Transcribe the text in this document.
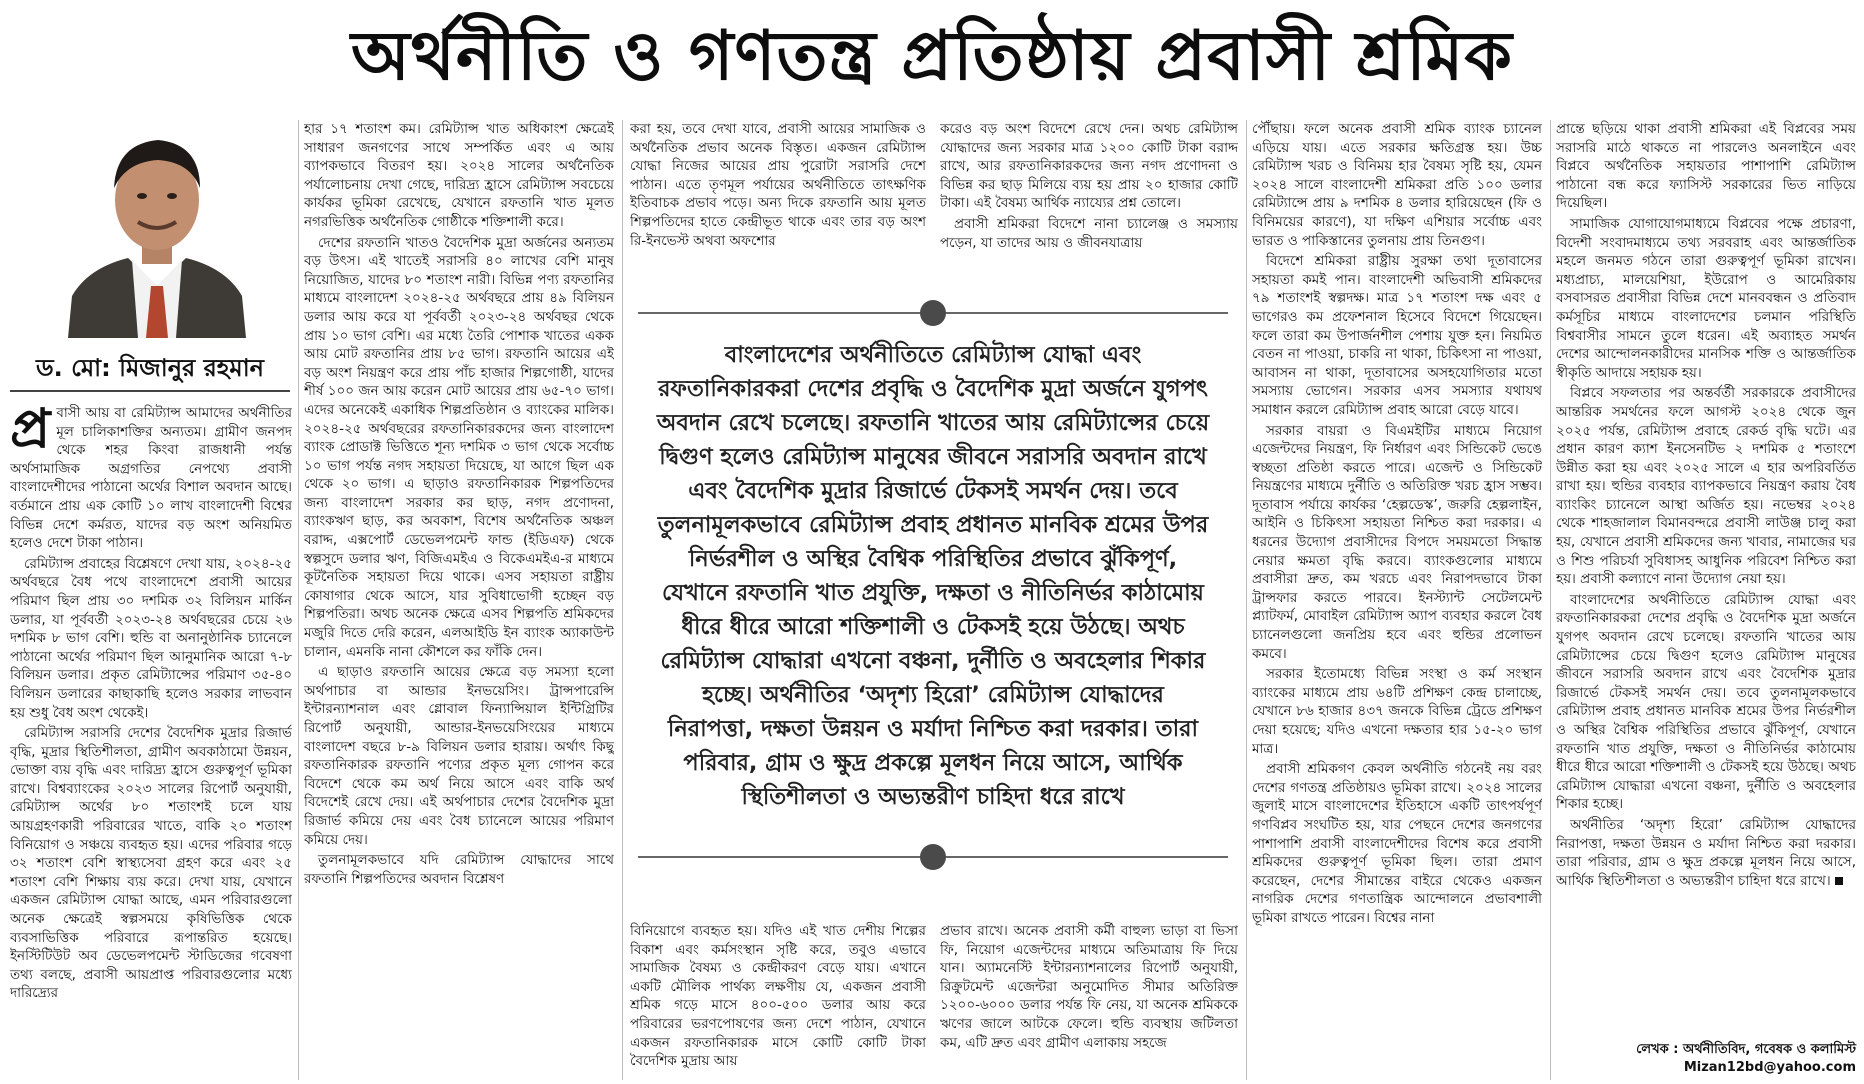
অর্থনীতি ও গণতন্ত্র প্রতিষ্ঠায় প্রবাসী শ্রমিক
ড. মো: মিজানুর রহমান

প্র বাসী আয় বা রেমিট্যান্স আমাদের অর্থনীতির মূল চালিকাশক্তির অন্যতম। গ্রামীণ জনপদ থেকে শহর কিংবা রাজধানী পর্যন্ত অর্থসামাজিক অগ্রগতির নেপথ্যে প্রবাসী বাংলাদেশীদের পাঠানো অর্থের বিশাল অবদান আছে। বর্তমানে প্রায় এক কোটি ১০ লাখ বাংলাদেশী বিশ্বের বিভিন্ন দেশে কর্মরত, যাদের বড় অংশ অনিয়মিত হলেও দেশে টাকা পাঠান।

রেমিট্যান্স প্রবাহের বিশ্লেষণে দেখা যায়, ২০২৪-২৫ অর্থবছরে বৈধ পথে বাংলাদেশে প্রবাসী আয়ের পরিমাণ ছিল প্রায় ৩০ দশমিক ৩২ বিলিয়ন মার্কিন ডলার, যা পূর্ববর্তী ২০২৩-২৪ অর্থবছরের চেয়ে ২৬ দশমিক ৮ ভাগ বেশি। হুন্ডি বা অনানুষ্ঠানিক চ্যানেলে পাঠানো অর্থের পরিমাণ ছিল আনুমানিক আরো ৭-৮ বিলিয়ন ডলার। প্রকৃত রেমিট্যান্সের পরিমাণ ৩৫-৪০ বিলিয়ন ডলারের কাছাকাছি হলেও সরকার লাভবান হয় শুধু বৈধ অংশ থেকেই।

রেমিট্যান্স সরাসরি দেশের বৈদেশিক মুদ্রার রিজার্ভ বৃদ্ধি, মুদ্রার স্থিতিশীলতা, গ্রামীণ অবকাঠামো উন্নয়ন, ভোক্তা ব্যয় বৃদ্ধি এবং দারিদ্র্য হ্রাসে গুরুত্বপূর্ণ ভূমিকা রাখে। বিশ্বব্যাংকের ২০২৩ সালের রিপোর্ট অনুযায়ী, রেমিট্যান্স অর্থের ৮০ শতাংশই চলে যায় আয়গ্রহণকারী পরিবারের খাতে, বাকি ২০ শতাংশ বিনিয়োগ ও সঞ্চয়ে ব্যবহৃত হয়। এদের পরিবার গড়ে ৩২ শতাংশ বেশি স্বাস্থ্যসেবা গ্রহণ করে এবং ২৫ শতাংশ বেশি শিক্ষায় ব্যয় করে। দেখা যায়, যেখানে একজন রেমিট্যান্স যোদ্ধা আছে, এমন পরিবারগুলো অনেক ক্ষেত্রেই স্বল্পসময়ে কৃষিভিত্তিক থেকে ব্যবসাভিত্তিক পরিবারে রূপান্তরিত হয়েছে। ইনস্টিটিউট অব ডেভেলপমেন্ট স্টাডিজের গবেষণা তথ্য বলছে, প্রবাসী আয়প্রাপ্ত পরিবারগুলোর মধ্যে দারিদ্র্যের

হার ১৭ শতাংশ কম। রেমিট্যান্স খাত অধিকাংশ ক্ষেত্রেই সাধারণ জনগণের সাথে সম্পর্কিত এবং এ আয় ব্যাপকভাবে বিতরণ হয়। ২০২৪ সালের অর্থনৈতিক পর্যালোচনায় দেখা গেছে, দারিদ্র্য হ্রাসে রেমিট্যান্স সবচেয়ে কার্যকর ভূমিকা রেখেছে, যেখানে রফতানি খাত মূলত নগরভিত্তিক অর্থনৈতিক গোষ্ঠীকে শক্তিশালী করে।

দেশের রফতানি খাতও বৈদেশিক মুদ্রা অর্জনের অন্যতম বড় উৎস। এই খাতেই সরাসরি ৪০ লাখের বেশি মানুষ নিয়োজিত, যাদের ৮০ শতাংশ নারী। বিভিন্ন পণ্য রফতানির মাধ্যমে বাংলাদেশ ২০২৪-২৫ অর্থবছরে প্রায় ৪৯ বিলিয়ন ডলার আয় করে যা পূর্ববর্তী ২০২৩-২৪ অর্থবছর থেকে প্রায় ১০ ভাগ বেশি। এর মধ্যে তৈরি পোশাক খাতের একক আয় মোট রফতানির প্রায় ৮৫ ভাগ। রফতানি আয়ের এই বড় অংশ নিয়ন্ত্রণ করে প্রায় পাঁচ হাজার শিল্পগোষ্ঠী, যাদের শীর্ষ ১০০ জন আয় করেন মোট আয়ের প্রায় ৬৫-৭০ ভাগ। এদের অনেকেই একাধিক শিল্পপ্রতিষ্ঠান ও ব্যাংকের মালিক। ২০২৪-২৫ অর্থবছরের রফতানিকারকদের জন্য বাংলাদেশ ব্যাংক প্রোডাক্ট ভিত্তিতে শূন্য দশমিক ৩ ভাগ থেকে সর্বোচ্চ ১০ ভাগ পর্যন্ত নগদ সহায়তা দিয়েছে, যা আগে ছিল এক থেকে ২০ ভাগ। এ ছাড়াও রফতানিকারক শিল্পপতিদের জন্য বাংলাদেশ সরকার কর ছাড়, নগদ প্রণোদনা, ব্যাংকঋণ ছাড়, কর অবকাশ, বিশেষ অর্থনৈতিক অঞ্চল বরাদ্দ, এক্সপোর্ট ডেভেলপমেন্ট ফান্ড (ইডিএফ) থেকে স্বল্পসুদে ডলার ঋণ, বিজিএমইএ ও বিকেএমইএ-র মাধ্যমে কূটনৈতিক সহায়তা দিয়ে থাকে। এসব সহায়তা রাষ্ট্রীয় কোষাগার থেকে আসে, যার সুবিধাভোগী হচ্ছেন বড় শিল্পপতিরা। অথচ অনেক ক্ষেত্রে এসব শিল্পপতি শ্রমিকদের মজুরি দিতে দেরি করেন, এলআইডি ইন ব্যাংক অ্যাকাউন্ট চালান, এমনকি নানা কৌশলে কর ফাঁকি দেন।

এ ছাড়াও রফতানি আয়ের ক্ষেত্রে বড় সমস্যা হলো অর্থপাচার বা আন্ডার ইনভয়েসিং। ট্রান্সপারেন্সি ইন্টারন্যাশনাল এবং গ্লোবাল ফিন্যান্সিয়াল ইন্টিগ্রিটির রিপোর্ট অনুযায়ী, আন্ডার-ইনভয়েসিংয়ের মাধ্যমে বাংলাদেশ বছরে ৮-৯ বিলিয়ন ডলার হারায়। অর্থাৎ কিছু রফতানিকারক রফতানি পণ্যের প্রকৃত মূল্য গোপন করে বিদেশে থেকে কম অর্থ নিয়ে আসে এবং বাকি অর্থ বিদেশেই রেখে দেয়। এই অর্থপাচার দেশের বৈদেশিক মুদ্রা রিজার্ভ কমিয়ে দেয় এবং বৈধ চ্যানেলে আয়ের পরিমাণ কমিয়ে দেয়।

তুলনামূলকভাবে যদি রেমিট্যান্স যোদ্ধাদের সাথে রফতানি শিল্পপতিদের অবদান বিশ্লেষণ

করা হয়, তবে দেখা যাবে, প্রবাসী আয়ের সামাজিক ও অর্থনৈতিক প্রভাব অনেক বিস্তৃত। একজন রেমিট্যান্স যোদ্ধা নিজের আয়ের প্রায় পুরোটা সরাসরি দেশে পাঠান। এতে তৃণমূল পর্যায়ের অর্থনীতিতে তাৎক্ষণিক ইতিবাচক প্রভাব পড়ে। অন্য দিকে রফতানি আয় মূলত শিল্পপতিদের হাতে কেন্দ্রীভূত থাকে এবং তার বড় অংশ রি-ইনভেস্ট অথবা অফশোর

করেও বড় অংশ বিদেশে রেখে দেন। অথচ রেমিট্যান্স যোদ্ধাদের জন্য সরকার মাত্র ১২০০ কোটি টাকা বরাদ্দ রাখে, আর রফতানিকারকদের জন্য নগদ প্রণোদনা ও বিভিন্ন কর ছাড় মিলিয়ে ব্যয় হয় প্রায় ২০ হাজার কোটি টাকা। এই বৈষম্য আর্থিক ন্যায্যের প্রশ্ন তোলে।

প্রবাসী শ্রমিকরা বিদেশে নানা চ্যালেঞ্জ ও সমস্যায় পড়েন, যা তাদের আয় ও জীবনযাত্রায়

বাংলাদেশের অর্থনীতিতে রেমিট্যান্স যোদ্ধা এবং রফতানিকারকরা দেশের প্রবৃদ্ধি ও বৈদেশিক মুদ্রা অর্জনে যুগপৎ অবদান রেখে চলেছে। রফতানি খাতের আয় রেমিট্যান্সের চেয়ে দ্বিগুণ হলেও রেমিট্যান্স মানুষের জীবনে সরাসরি অবদান রাখে এবং বৈদেশিক মুদ্রার রিজার্ভে টেকসই সমর্থন দেয়। তবে তুলনামূলকভাবে রেমিট্যান্স প্রবাহ প্রধানত মানবিক শ্রমের উপর নির্ভরশীল ও অস্থির বৈশ্বিক পরিস্থিতির প্রভাবে ঝুঁকিপূর্ণ, যেখানে রফতানি খাত প্রযুক্তি, দক্ষতা ও নীতিনির্ভর কাঠামোয় ধীরে ধীরে আরো শক্তিশালী ও টেকসই হয়ে উঠছে। অথচ রেমিট্যান্স যোদ্ধারা এখনো বঞ্চনা, দুর্নীতি ও অবহেলার শিকার হচ্ছে। অর্থনীতির ‘অদৃশ্য হিরো’ রেমিট্যান্স যোদ্ধাদের নিরাপত্তা, দক্ষতা উন্নয়ন ও মর্যাদা নিশ্চিত করা দরকার। তারা পরিবার, গ্রাম ও ক্ষুদ্র প্রকল্পে মূলধন নিয়ে আসে, আর্থিক স্থিতিশীলতা ও অভ্যন্তরীণ চাহিদা ধরে রাখে

বিনিয়োগে ব্যবহৃত হয়। যদিও এই খাত দেশীয় শিল্পের বিকাশ এবং কর্মসংস্থান সৃষ্টি করে, তবুও এভাবে সামাজিক বৈষম্য ও কেন্দ্রীকরণ বেড়ে যায়। এখানে একটি মৌলিক পার্থক্য লক্ষণীয় যে, একজন প্রবাসী শ্রমিক গড়ে মাসে ৪০০-৫০০ ডলার আয় করে পরিবারের ভরণপোষণের জন্য দেশে পাঠান, যেখানে একজন রফতানিকারক মাসে কোটি কোটি টাকা বৈদেশিক মুদ্রায় আয়

প্রভাব রাখে। অনেক প্রবাসী কর্মী বাহুল্য ভাড়া বা ভিসা ফি, নিয়োগ এজেন্টদের মাধ্যমে অতিমাত্রায় ফি দিয়ে যান। অ্যামনেস্টি ইন্টারন্যাশনালের রিপোর্ট অনুযায়ী, রিক্রুটমেন্ট এজেন্টরা অনুমোদিত সীমার অতিরিক্ত ১২০০-৬০০০ ডলার পর্যন্ত ফি নেয়, যা অনেক শ্রমিককে ঋণের জালে আটকে ফেলে। হুন্ডি ব্যবস্থায় জটিলতা কম, এটি দ্রুত এবং গ্রামীণ এলাকায় সহজে

পৌঁছায়। ফলে অনেক প্রবাসী শ্রমিক ব্যাংক চ্যানেল এড়িয়ে যায়। এতে সরকার ক্ষতিগ্রস্ত হয়। উচ্চ রেমিট্যান্স খরচ ও বিনিময় হার বৈষম্য সৃষ্টি হয়, যেমন ২০২৪ সালে বাংলাদেশী শ্রমিকরা প্রতি ১০০ ডলার রেমিট্যান্সে প্রায় ৯ দশমিক ৪ ডলার হারিয়েছেন (ফি ও বিনিময়ের কারণে), যা দক্ষিণ এশিয়ার সর্বোচ্চ এবং ভারত ও পাকিস্তানের তুলনায় প্রায় তিনগুণ।

বিদেশে শ্রমিকরা রাষ্ট্রীয় সুরক্ষা তথা দূতাবাসের সহায়তা কমই পান। বাংলাদেশী অভিবাসী শ্রমিকদের ৭৯ শতাংশই স্বল্পদক্ষ। মাত্র ১৭ শতাংশ দক্ষ এবং ৫ ভাগেরও কম প্রফেশনাল হিসেবে বিদেশে গিয়েছেন। ফলে তারা কম উপার্জনশীল পেশায় যুক্ত হন। নিয়মিত বেতন না পাওয়া, চাকরি না থাকা, চিকিৎসা না পাওয়া, আবাসন না থাকা, দূতাবাসের অসহযোগিতার মতো সমস্যায় ভোগেন। সরকার এসব সমস্যার যথাযথ সমাধান করলে রেমিট্যান্স প্রবাহ আরো বেড়ে যাবে।

সরকার বায়রা ও বিএমইটির মাধ্যমে নিয়োগ এজেন্টদের নিয়ন্ত্রণ, ফি নির্ধারণ এবং সিন্ডিকেট ভেঙে স্বচ্ছতা প্রতিষ্ঠা করতে পারে। এজেন্ট ও সিন্ডিকেট নিয়ন্ত্রণের মাধ্যমে দুর্নীতি ও অতিরিক্ত খরচ হ্রাস সম্ভব। দূতাবাস পর্যায়ে কার্যকর ‘হেল্পডেস্ক’, জরুরি হেল্পলাইন, আইনি ও চিকিৎসা সহায়তা নিশ্চিত করা দরকার। এ ধরনের উদ্যোগ প্রবাসীদের বিপদে সময়মতো সিদ্ধান্ত নেয়ার ক্ষমতা বৃদ্ধি করবে। ব্যাংকগুলোর মাধ্যমে প্রবাসীরা দ্রুত, কম খরচে এবং নিরাপদভাবে টাকা ট্রান্সফার করতে পারবে। ইনস্ট্যান্ট সেটেলমেন্ট প্ল্যাটফর্ম, মোবাইল রেমিট্যান্স অ্যাপ ব্যবহার করলে বৈধ চ্যানেলগুলো জনপ্রিয় হবে এবং হুন্ডির প্রলোভন কমবে।

সরকার ইতোমধ্যে বিভিন্ন সংস্থা ও কর্ম সংস্থান ব্যাংকের মাধ্যমে প্রায় ৬৪টি প্রশিক্ষণ কেন্দ্র চালাচ্ছে, যেখানে ৮৬ হাজার ৪৩৭ জনকে বিভিন্ন ট্রেডে প্রশিক্ষণ দেয়া হয়েছে; যদিও এখনো দক্ষতার হার ১৫-২০ ভাগ মাত্র।

প্রবাসী শ্রমিকগণ কেবল অর্থনীতি গঠনেই নয় বরং দেশের গণতন্ত্র প্রতিষ্ঠায়ও ভূমিকা রাখে। ২০২৪ সালের জুলাই মাসে বাংলাদেশের ইতিহাসে একটি তাৎপর্যপূর্ণ গণবিপ্লব সংঘটিত হয়, যার পেছনে দেশের জনগণের পাশাপাশি প্রবাসী বাংলাদেশীদের বিশেষ করে প্রবাসী শ্রমিকদের গুরুত্বপূর্ণ ভূমিকা ছিল। তারা প্রমাণ করেছেন, দেশের সীমান্তের বাইরে থেকেও একজন নাগরিক দেশের গণতান্ত্রিক আন্দোলনে প্রভাবশালী ভূমিকা রাখতে পারেন। বিশ্বের নানা

প্রান্তে ছড়িয়ে থাকা প্রবাসী শ্রমিকরা এই বিপ্লবের সময় সরাসরি মাঠে থাকতে না পারলেও অনলাইনে এবং বিপ্লবে অর্থনৈতিক সহায়তার পাশাপাশি রেমিট্যান্স পাঠানো বন্ধ করে ফ্যাসিস্ট সরকারের ভিত নাড়িয়ে দিয়েছিল।

সামাজিক যোগাযোগমাধ্যমে বিপ্লবের পক্ষে প্রচারণা, বিদেশী সংবাদমাধ্যমে তথ্য সরবরাহ এবং আন্তর্জাতিক মহলে জনমত গঠনে তারা গুরুত্বপূর্ণ ভূমিকা রাখেন। মধ্যপ্রাচ্য, মালয়েশিয়া, ইউরোপ ও আমেরিকায় বসবাসরত প্রবাসীরা বিভিন্ন দেশে মানববন্ধন ও প্রতিবাদ কর্মসূচির মাধ্যমে বাংলাদেশের চলমান পরিস্থিতি বিশ্ববাসীর সামনে তুলে ধরেন। এই অব্যাহত সমর্থন দেশের আন্দোলনকারীদের মানসিক শক্তি ও আন্তর্জাতিক স্বীকৃতি আদায়ে সহায়ক হয়।

বিপ্লবে সফলতার পর অন্তর্বর্তী সরকারকে প্রবাসীদের আন্তরিক সমর্থনের ফলে আগস্ট ২০২৪ থেকে জুন ২০২৫ পর্যন্ত, রেমিট্যান্স প্রবাহে রেকর্ড বৃদ্ধি ঘটে। এর প্রধান কারণ ক্যাশ ইনসেনটিভ ২ দশমিক ৫ শতাংশে উন্নীত করা হয় এবং ২০২৫ সালে এ হার অপরিবর্তিত রাখা হয়। হুন্ডির ব্যবহার ব্যাপকভাবে নিয়ন্ত্রণ করায় বৈধ ব্যাংকিং চ্যানেলে আস্থা অর্জিত হয়। নভেম্বর ২০২৪ থেকে শাহজালাল বিমানবন্দরে প্রবাসী লাউঞ্জ চালু করা হয়, যেখানে প্রবাসী শ্রমিকদের জন্য খাবার, নামাজের ঘর ও শিশু পরিচর্যা সুবিধাসহ আধুনিক পরিবেশ নিশ্চিত করা হয়। প্রবাসী কল্যাণে নানা উদ্যোগ নেয়া হয়।

বাংলাদেশের অর্থনীতিতে রেমিট্যান্স যোদ্ধা এবং রফতানিকারকরা দেশের প্রবৃদ্ধি ও বৈদেশিক মুদ্রা অর্জনে যুগপৎ অবদান রেখে চলেছে। রফতানি খাতের আয় রেমিট্যান্সের চেয়ে দ্বিগুণ হলেও রেমিট্যান্স মানুষের জীবনে সরাসরি অবদান রাখে এবং বৈদেশিক মুদ্রার রিজার্ভে টেকসই সমর্থন দেয়। তবে তুলনামূলকভাবে রেমিট্যান্স প্রবাহ প্রধানত মানবিক শ্রমের উপর নির্ভরশীল ও অস্থির বৈশ্বিক পরিস্থিতির প্রভাবে ঝুঁকিপূর্ণ, যেখানে রফতানি খাত প্রযুক্তি, দক্ষতা ও নীতিনির্ভর কাঠামোয় ধীরে ধীরে আরো শক্তিশালী ও টেকসই হয়ে উঠছে। অথচ রেমিট্যান্স যোদ্ধারা এখনো বঞ্চনা, দুর্নীতি ও অবহেলার শিকার হচ্ছে।

অর্থনীতির ‘অদৃশ্য হিরো’ রেমিট্যান্স যোদ্ধাদের নিরাপত্তা, দক্ষতা উন্নয়ন ও মর্যাদা নিশ্চিত করা দরকার। তারা পরিবার, গ্রাম ও ক্ষুদ্র প্রকল্পে মূলধন নিয়ে আসে, আর্থিক স্থিতিশীলতা ও অভ্যন্তরীণ চাহিদা ধরে রাখে।

লেখক : অর্থনীতিবিদ, গবেষক ও কলামিস্ট
Mizan12bd@yahoo.com
